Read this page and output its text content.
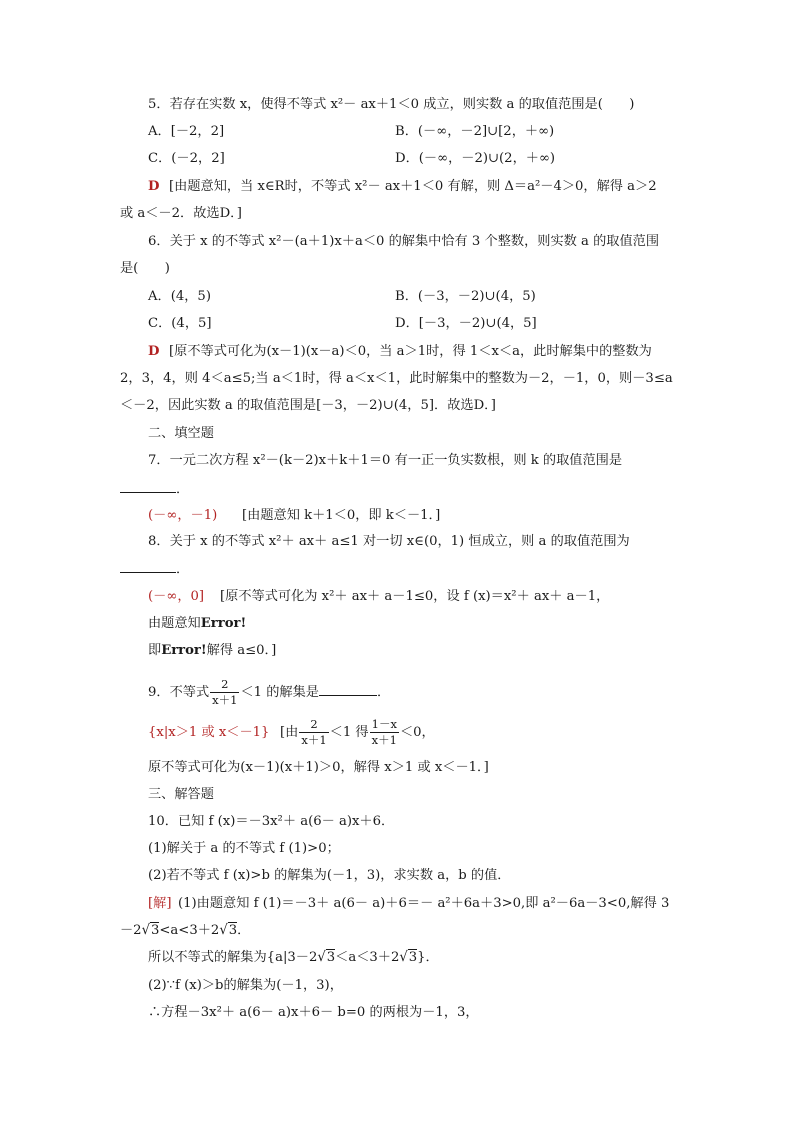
5．若存在实数 x，使得不等式 x²－ ax＋1＜0 成立，则实数 a 的取值范围是(　　)
A．[－2，2]	B．(－∞，－2]∪[2，＋∞)
C．(－2，2]	D．(－∞，－2)∪(2，＋∞)
D [由题意知，当 x∈R时，不等式 x²－ ax＋1＜0 有解，则 Δ＝a²－4＞0，解得 a＞2
或 a＜－2．故选D．]
6．关于 x 的不等式 x²－(a＋1)x＋a＜0 的解集中恰有 3 个整数，则实数 a 的取值范围
是(　　)
A．(4，5)	B．(－3，－2)∪(4，5)
C．(4，5]	D．[－3，－2)∪(4，5]
D [原不等式可化为(x－1)(x－a)＜0，当 a＞1时，得 1＜x＜a，此时解集中的整数为
2，3，4，则 4＜a≤5;当 a＜1时，得 a＜x＜1，此时解集中的整数为－2，－1，0，则－3≤a
＜－2，因此实数 a 的取值范围是[－3，－2)∪(4，5]．故选D．]
二、填空题
7．一元二次方程 x²－(k－2)x＋k＋1＝0 有一正一负实数根，则 k 的取值范围是
．
(－∞，－1) [由题意知 k＋1＜0，即 k＜－1．]
8．关于 x 的不等式 x²＋ ax＋ a≤1 对一切 x∈(0，1) 恒成立，则 a 的取值范围为
．
(－∞，0] [原不等式可化为 x²＋ ax＋ a－1≤0，设 f (x)＝x²＋ ax＋ a－1，
由题意知Error!
即Error!解得 a≤0．]
9．不等式 $\frac{2}{x+1} <1$ 的解集是	．
{x|x＞1 或 x＜－1} [由 $\frac{2}{x+1} <1$ 得 $\frac{1-x}{x+1} <0$，
原不等式可化为(x－1)(x＋1)＞0，解得 x＞1 或 x＜－1．]
三、解答题
10．已知 f (x)＝－3x²＋ a(6－ a)x＋6．
(1)解关于 a 的不等式 f (1)>0；
(2)若不等式 f (x)>b 的解集为(－1，3)，求实数 a，b 的值．
[解] (1)由题意知 f (1)＝－3＋ a(6－ a)＋6＝－ a²＋6a＋3>0,即 a²－6a－3<0,解得 3
－2√3<a<3＋2√3．
所以不等式的解集为{a|3－2√3＜a＜3＋2√3}．
(2)∵f (x)＞b的解集为(－1，3)，
∴方程－3x²＋ a(6－ a)x＋6－ b=0 的两根为－1，3，
